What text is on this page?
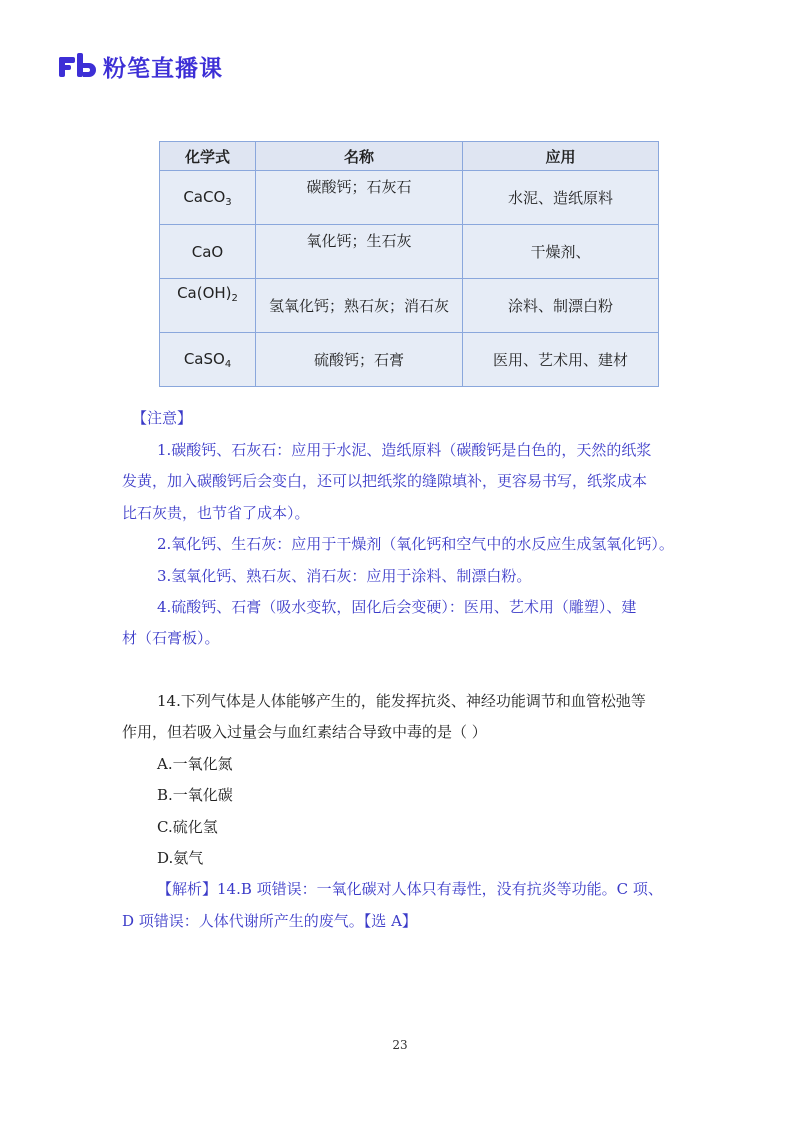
粉笔直播课
化学式	名称	应用
CaCO$_3$	碳酸钙；石灰石	水泥、造纸原料
CaO	氧化钙；生石灰	干燥剂、

$Ca(OH)_2$	氢氧化钙；熟石灰；消石灰	涂料、制漂白粉
CaSO$_4$	硫酸钙；石膏	医用、艺术用、建材
【注意】
1.碳酸钙、石灰石：应用于水泥、造纸原料（碳酸钙是白色的，天然的纸浆
发黄，加入碳酸钙后会变白，还可以把纸浆的缝隙填补，更容易书写，纸浆成本
比石灰贵，也节省了成本）。
2.氧化钙、生石灰：应用于干燥剂（氧化钙和空气中的水反应生成氢氧化钙）。
3.氢氧化钙、熟石灰、消石灰：应用于涂料、制漂白粉。
4.硫酸钙、石膏（吸水变软，固化后会变硬）：医用、艺术用（雕塑）、建
材（石膏板）。
14.下列气体是人体能够产生的，能发挥抗炎、神经功能调节和血管松弛等
作用，但若吸入过量会与血红素结合导致中毒的是（ ）
A.一氧化氮
B.一氧化碳
C.硫化氢
D.氨气
【解析】14.B 项错误：一氧化碳对人体只有毒性，没有抗炎等功能。C 项、
D 项错误：人体代谢所产生的废气。【选 A】
23
